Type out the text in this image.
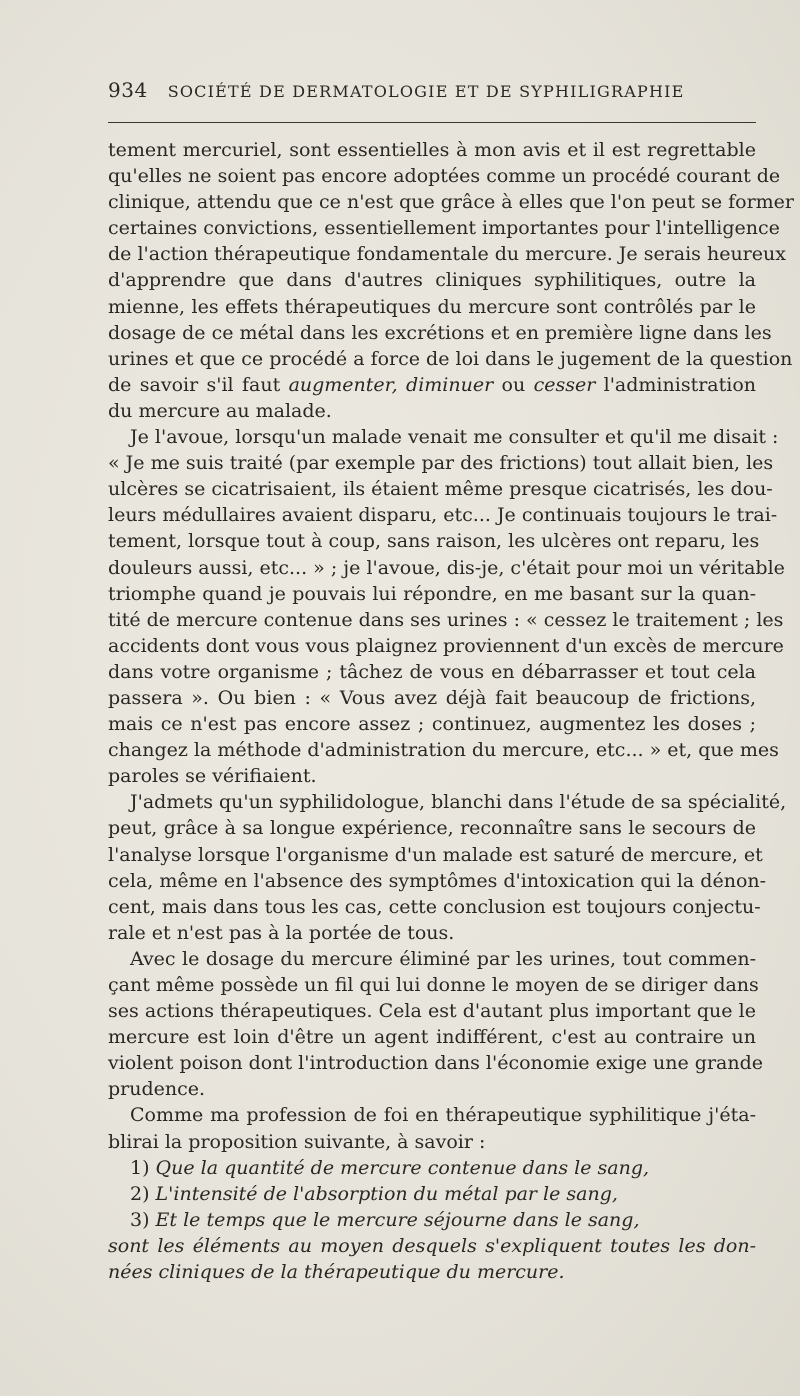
934 SOCIÉTÉ DE DERMATOLOGIE ET DE SYPHILIGRAPHIE
tement mercuriel, sont essentielles à mon avis et il est regrettable
qu'elles ne soient pas encore adoptées comme un procédé courant de
clinique, attendu que ce n'est que grâce à elles que l'on peut se former
certaines convictions, essentiellement importantes pour l'intelligence
de l'action thérapeutique fondamentale du mercure. Je serais heureux
d'apprendre que dans d'autres cliniques syphilitiques, outre la
mienne, les effets thérapeutiques du mercure sont contrôlés par le
dosage de ce métal dans les excrétions et en première ligne dans les
urines et que ce procédé a force de loi dans le jugement de la question
de savoir s'il faut augmenter, diminuer ou cesser l'administration
du mercure au malade.
Je l'avoue, lorsqu'un malade venait me consulter et qu'il me disait :
« Je me suis traité (par exemple par des frictions) tout allait bien, les
ulcères se cicatrisaient, ils étaient même presque cicatrisés, les dou-
leurs médullaires avaient disparu, etc... Je continuais toujours le trai-
tement, lorsque tout à coup, sans raison, les ulcères ont reparu, les
douleurs aussi, etc... » ; je l'avoue, dis-je, c'était pour moi un véritable
triomphe quand je pouvais lui répondre, en me basant sur la quan-
tité de mercure contenue dans ses urines : « cessez le traitement ; les
accidents dont vous vous plaignez proviennent d'un excès de mercure
dans votre organisme ; tâchez de vous en débarrasser et tout cela
passera ». Ou bien : « Vous avez déjà fait beaucoup de frictions,
mais ce n'est pas encore assez ; continuez, augmentez les doses ;
changez la méthode d'administration du mercure, etc... » et, que mes
paroles se vérifiaient.
J'admets qu'un syphilidologue, blanchi dans l'étude de sa spécialité,
peut, grâce à sa longue expérience, reconnaître sans le secours de
l'analyse lorsque l'organisme d'un malade est saturé de mercure, et
cela, même en l'absence des symptômes d'intoxication qui la dénon-
cent, mais dans tous les cas, cette conclusion est toujours conjectu-
rale et n'est pas à la portée de tous.
Avec le dosage du mercure éliminé par les urines, tout commen-
çant même possède un fil qui lui donne le moyen de se diriger dans
ses actions thérapeutiques. Cela est d'autant plus important que le
mercure est loin d'être un agent indifférent, c'est au contraire un
violent poison dont l'introduction dans l'économie exige une grande
prudence.
Comme ma profession de foi en thérapeutique syphilitique j'éta-
blirai la proposition suivante, à savoir :
1) Que la quantité de mercure contenue dans le sang,
2) L'intensité de l'absorption du métal par le sang,
3) Et le temps que le mercure séjourne dans le sang,
sont les éléments au moyen desquels s'expliquent toutes les don-
nées cliniques de la thérapeutique du mercure.
